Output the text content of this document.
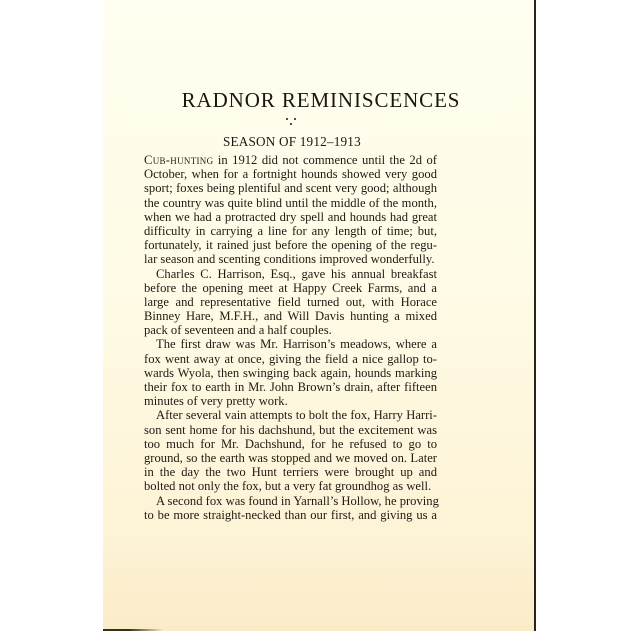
RADNOR REMINISCENCES
SEASON OF 1912–1913
Cub-hunting in 1912 did not commence until the 2d of
October, when for a fortnight hounds showed very good
sport; foxes being plentiful and scent very good; although
the country was quite blind until the middle of the month,
when we had a protracted dry spell and hounds had great
difficulty in carrying a line for any length of time; but,
fortunately, it rained just before the opening of the regu-
lar season and scenting conditions improved wonderfully.
Charles C. Harrison, Esq., gave his annual breakfast
before the opening meet at Happy Creek Farms, and a
large and representative field turned out, with Horace
Binney Hare, M.F.H., and Will Davis hunting a mixed
pack of seventeen and a half couples.
The first draw was Mr. Harrison’s meadows, where a
fox went away at once, giving the field a nice gallop to-
wards Wyola, then swinging back again, hounds marking
their fox to earth in Mr. John Brown’s drain, after fifteen
minutes of very pretty work.
After several vain attempts to bolt the fox, Harry Harri-
son sent home for his dachshund, but the excitement was
too much for Mr. Dachshund, for he refused to go to
ground, so the earth was stopped and we moved on. Later
in the day the two Hunt terriers were brought up and
bolted not only the fox, but a very fat groundhog as well.
A second fox was found in Yarnall’s Hollow, he proving
to be more straight-necked than our first, and giving us a
